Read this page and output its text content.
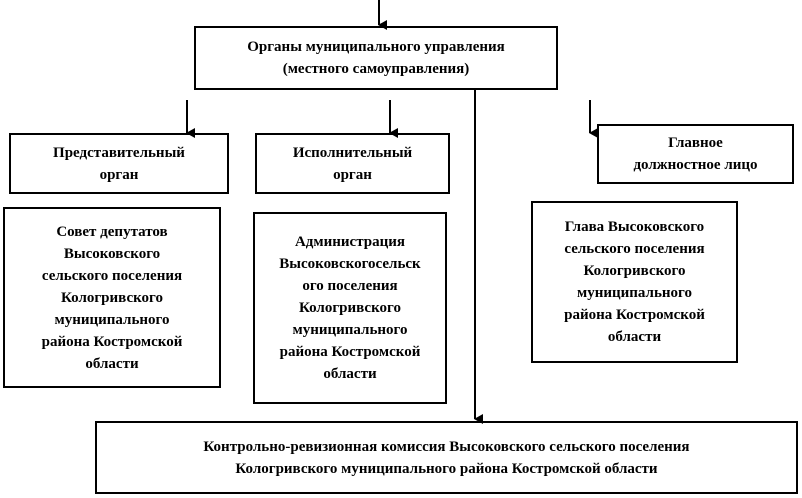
Органы муниципального управления
(местного самоуправления)
Представительный
орган
Исполнительный
орган
Главное
должностное лицо
Совет депутатов
Высоковского
сельского поселения
Кологривского
муниципального
района Костромской
области
Администрация
Высоковскогосельск
ого поселения
Кологривского
муниципального
района Костромской
области
Глава Высоковского
сельского поселения
Кологривского
муниципального
района Костромской
области
Контрольно-ревизионная комиссия Высоковского сельского поселения
Кологривского муниципального района Костромской области
